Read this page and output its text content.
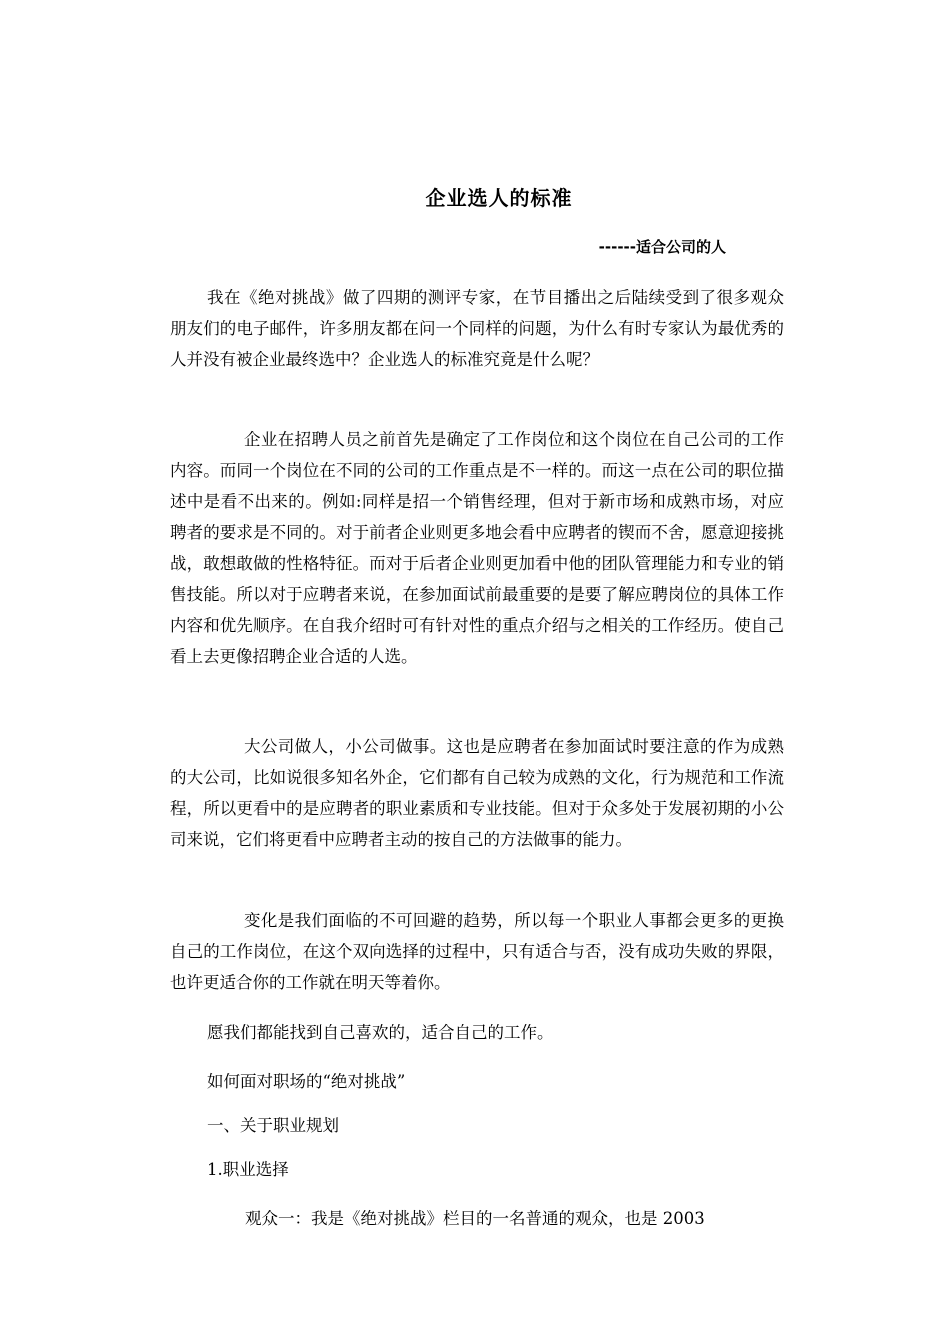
企业选人的标准
------适合公司的人

我在《绝对挑战》做了四期的测评专家，在节目播出之后陆续受到了很多观众朋友们的电子邮件，许多朋友都在问一个同样的问题，为什么有时专家认为最优秀的人并没有被企业最终选中？企业选人的标准究竟是什么呢？

企业在招聘人员之前首先是确定了工作岗位和这个岗位在自己公司的工作内容。而同一个岗位在不同的公司的工作重点是不一样的。而这一点在公司的职位描述中是看不出来的。例如:同样是招一个销售经理，但对于新市场和成熟市场，对应聘者的要求是不同的。对于前者企业则更多地会看中应聘者的锲而不舍，愿意迎接挑战，敢想敢做的性格特征。而对于后者企业则更加看中他的团队管理能力和专业的销售技能。所以对于应聘者来说，在参加面试前最重要的是要了解应聘岗位的具体工作内容和优先顺序。在自我介绍时可有针对性的重点介绍与之相关的工作经历。使自己看上去更像招聘企业合适的人选。

大公司做人，小公司做事。这也是应聘者在参加面试时要注意的作为成熟的大公司，比如说很多知名外企，它们都有自己较为成熟的文化，行为规范和工作流程，所以更看中的是应聘者的职业素质和专业技能。但对于众多处于发展初期的小公司来说，它们将更看中应聘者主动的按自己的方法做事的能力。

变化是我们面临的不可回避的趋势，所以每一个职业人事都会更多的更换自己的工作岗位，在这个双向选择的过程中，只有适合与否，没有成功失败的界限，也许更适合你的工作就在明天等着你。

愿我们都能找到自己喜欢的，适合自己的工作。

如何面对职场的“绝对挑战”

一、关于职业规划

1.职业选择

观众一：我是《绝对挑战》栏目的一名普通的观众，也是 2003
